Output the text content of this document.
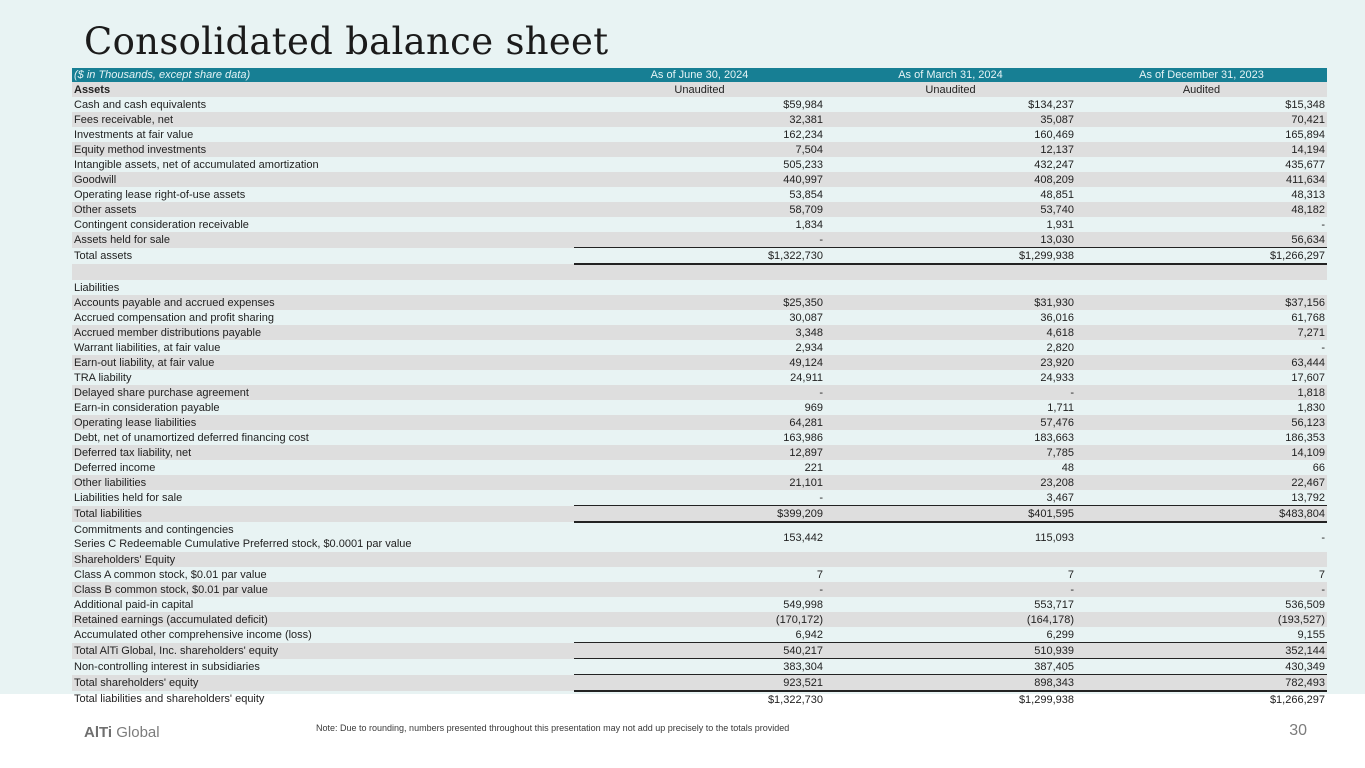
Consolidated balance sheet
($ in Thousands, except share data)	As of June 30, 2024	As of March 31, 2024	As of December 31, 2023
Assets	Unaudited	Unaudited	Audited
Cash and cash equivalents	$59,984	$134,237	$15,348
Fees receivable, net	32,381	35,087	70,421
Investments at fair value	162,234	160,469	165,894
Equity method investments	7,504	12,137	14,194
Intangible assets, net of accumulated amortization	505,233	432,247	435,677
Goodwill	440,997	408,209	411,634
Operating lease right-of-use assets	53,854	48,851	48,313
Other assets	58,709	53,740	48,182
Contingent consideration receivable	1,834	1,931	-
Assets held for sale	-	13,030	56,634
Total assets	$1,322,730	$1,299,938	$1,266,297

Liabilities			
Accounts payable and accrued expenses	$25,350	$31,930	$37,156
Accrued compensation and profit sharing	30,087	36,016	61,768
Accrued member distributions payable	3,348	4,618	7,271
Warrant liabilities, at fair value	2,934	2,820	-
Earn-out liability, at fair value	49,124	23,920	63,444
TRA liability	24,911	24,933	17,607
Delayed share purchase agreement	-	-	1,818
Earn-in consideration payable	969	1,711	1,830
Operating lease liabilities	64,281	57,476	56,123
Debt, net of unamortized deferred financing cost	163,986	183,663	186,353
Deferred tax liability, net	12,897	7,785	14,109
Deferred income	221	48	66
Other liabilities	21,101	23,208	22,467
Liabilities held for sale	-	3,467	13,792
Total liabilities	$399,209	$401,595	$483,804

Commitments and contingencies
Series C Redeemable Cumulative Preferred stock, $0.0001 par value	153,442	115,093	-
Shareholders' Equity			
Class A common stock, $0.01 par value	7	7	7
Class B common stock, $0.01 par value	-	-	-
Additional paid-in capital	549,998	553,717	536,509
Retained earnings (accumulated deficit)	(170,172)	(164,178)	(193,527)
Accumulated other comprehensive income (loss)	6,942	6,299	9,155
Total AlTi Global, Inc. shareholders' equity	540,217	510,939	352,144
Non-controlling interest in subsidiaries	383,304	387,405	430,349
Total shareholders' equity	923,521	898,343	782,493
Total liabilities and shareholders' equity	$1,322,730	$1,299,938	$1,266,297
AlTi Global	Note: Due to rounding, numbers presented throughout this presentation may not add up precisely to the totals provided	30
